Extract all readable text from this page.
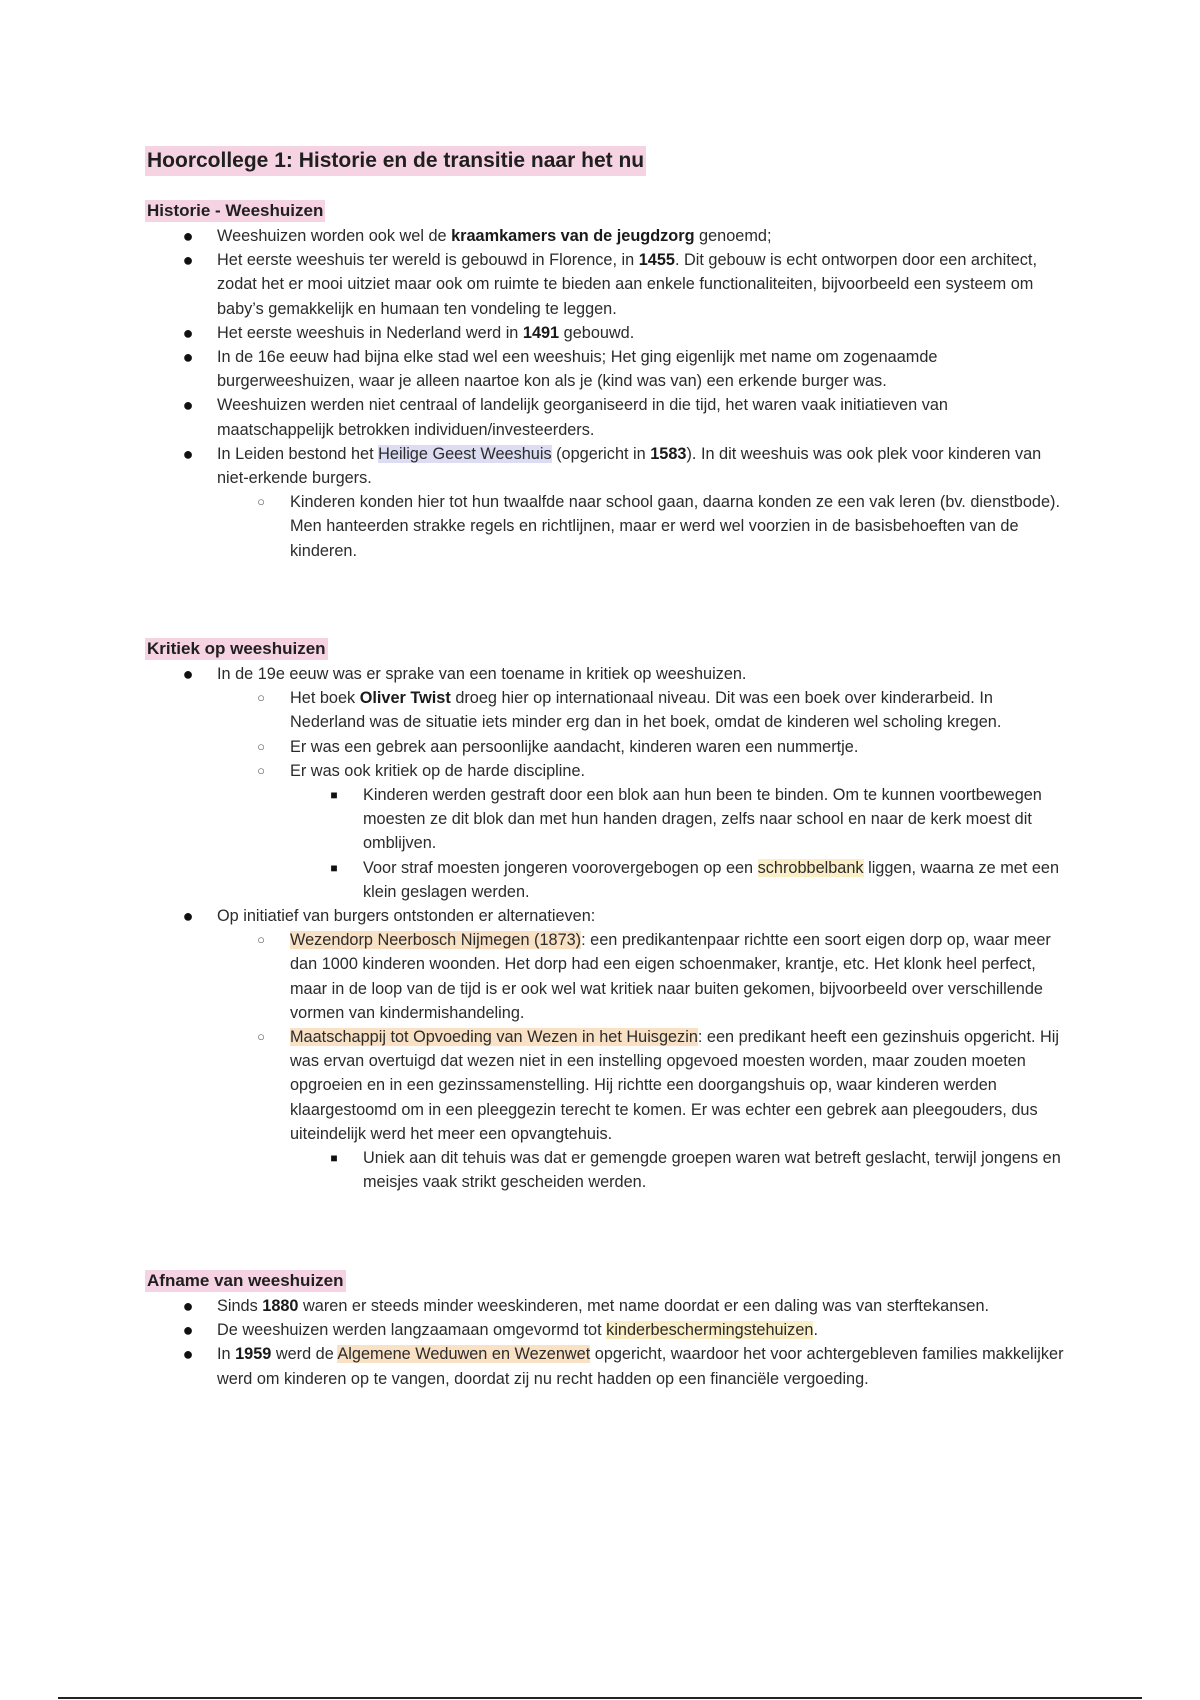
Hoorcollege 1: Historie en de transitie naar het nu
Historie - Weeshuizen
● Weeshuizen worden ook wel de kraamkamers van de jeugdzorg genoemd;
● Het eerste weeshuis ter wereld is gebouwd in Florence, in 1455. Dit gebouw is echt ontworpen door een architect, zodat het er mooi uitziet maar ook om ruimte te bieden aan enkele functionaliteiten, bijvoorbeeld een systeem om baby’s gemakkelijk en humaan ten vondeling te leggen.
● Het eerste weeshuis in Nederland werd in 1491 gebouwd.
● In de 16e eeuw had bijna elke stad wel een weeshuis; Het ging eigenlijk met name om zogenaamde burgerweeshuizen, waar je alleen naartoe kon als je (kind was van) een erkende burger was.
● Weeshuizen werden niet centraal of landelijk georganiseerd in die tijd, het waren vaak initiatieven van maatschappelijk betrokken individuen/investeerders.
● In Leiden bestond het Heilige Geest Weeshuis (opgericht in 1583). In dit weeshuis was ook plek voor kinderen van niet-erkende burgers.
○ Kinderen konden hier tot hun twaalfde naar school gaan, daarna konden ze een vak leren (bv. dienstbode). Men hanteerden strakke regels en richtlijnen, maar er werd wel voorzien in de basisbehoeften van de kinderen.
Kritiek op weeshuizen
● In de 19e eeuw was er sprake van een toename in kritiek op weeshuizen.
○ Het boek Oliver Twist droeg hier op internationaal niveau. Dit was een boek over kinderarbeid. In Nederland was de situatie iets minder erg dan in het boek, omdat de kinderen wel scholing kregen.
○ Er was een gebrek aan persoonlijke aandacht, kinderen waren een nummertje.
○ Er was ook kritiek op de harde discipline.
■ Kinderen werden gestraft door een blok aan hun been te binden. Om te kunnen voortbewegen moesten ze dit blok dan met hun handen dragen, zelfs naar school en naar de kerk moest dit omblijven.
■ Voor straf moesten jongeren voorovergebogen op een schrobbelbank liggen, waarna ze met een klein geslagen werden.
● Op initiatief van burgers ontstonden er alternatieven:
○ Wezendorp Neerbosch Nijmegen (1873): een predikantenpaar richtte een soort eigen dorp op, waar meer dan 1000 kinderen woonden. Het dorp had een eigen schoenmaker, krantje, etc. Het klonk heel perfect, maar in de loop van de tijd is er ook wel wat kritiek naar buiten gekomen, bijvoorbeeld over verschillende vormen van kindermishandeling.
○ Maatschappij tot Opvoeding van Wezen in het Huisgezin: een predikant heeft een gezinshuis opgericht. Hij was ervan overtuigd dat wezen niet in een instelling opgevoed moesten worden, maar zouden moeten opgroeien en in een gezinssamenstelling. Hij richtte een doorgangshuis op, waar kinderen werden klaargestoomd om in een pleeggezin terecht te komen. Er was echter een gebrek aan pleegouders, dus uiteindelijk werd het meer een opvangtehuis.
■ Uniek aan dit tehuis was dat er gemengde groepen waren wat betreft geslacht, terwijl jongens en meisjes vaak strikt gescheiden werden.
Afname van weeshuizen
● Sinds 1880 waren er steeds minder weeskinderen, met name doordat er een daling was van sterftekansen.
● De weeshuizen werden langzaamaan omgevormd tot kinderbeschermingstehuizen.
● In 1959 werd de Algemene Weduwen en Wezenwet opgericht, waardoor het voor achtergebleven families makkelijker werd om kinderen op te vangen, doordat zij nu recht hadden op een financiële vergoeding.
